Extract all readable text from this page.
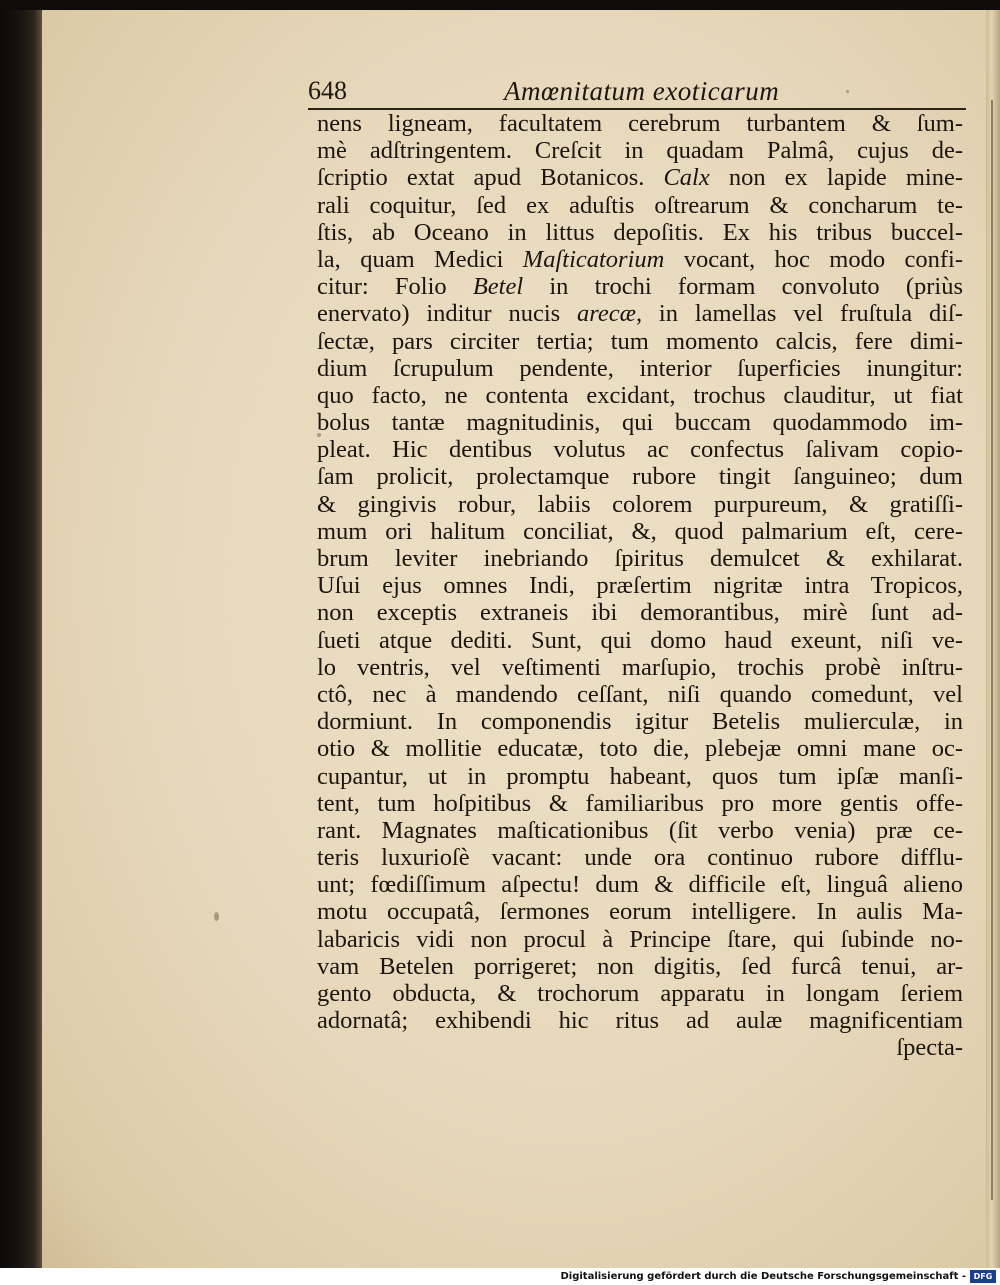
648	Amœnitatum exoticarum
nens ligneam, facultatem cerebrum turbantem & ſum-
mè adſtringentem. Creſcit in quadam Palmâ, cujus de-
ſcriptio extat apud Botanicos. Calx non ex lapide mine-
rali coquitur, ſed ex aduſtis oſtrearum & concharum te-
ſtis, ab Oceano in littus depoſitis. Ex his tribus buccel-
la, quam Medici Maſticatorium vocant, hoc modo confi-
citur: Folio Betel in trochi formam convoluto (priùs
enervato) inditur nucis arecæ, in lamellas vel fruſtula diſ-
ſectæ, pars circiter tertia; tum momento calcis, fere dimi-
dium ſcrupulum pendente, interior ſuperficies inungitur:
quo facto, ne contenta excidant, trochus clauditur, ut fiat
bolus tantæ magnitudinis, qui buccam quodammodo im-
pleat. Hic dentibus volutus ac confectus ſalivam copio-
ſam prolicit, prolectamque rubore tingit ſanguineo; dum
& gingivis robur, labiis colorem purpureum, & gratiſſi-
mum ori halitum conciliat, &, quod palmarium eſt, cere-
brum leviter inebriando ſpiritus demulcet & exhilarat.
Uſui ejus omnes Indi, præſertim nigritæ intra Tropicos,
non exceptis extraneis ibi demorantibus, mirè ſunt ad-
ſueti atque dediti. Sunt, qui domo haud exeunt, niſi ve-
lo ventris, vel veſtimenti marſupio, trochis probè inſtru-
ctô, nec à mandendo ceſſant, niſi quando comedunt, vel
dormiunt. In componendis igitur Betelis mulierculæ, in
otio & mollitie educatæ, toto die, plebejæ omni mane oc-
cupantur, ut in promptu habeant, quos tum ipſæ manſi-
tent, tum hoſpitibus & familiaribus pro more gentis offe-
rant. Magnates maſticationibus (ſit verbo venia) præ ce-
teris luxurioſè vacant: unde ora continuo rubore difflu-
unt; fœdiſſimum aſpectu! dum & difficile eſt, linguâ alieno
motu occupatâ, ſermones eorum intelligere. In aulis Ma-
labaricis vidi non procul à Principe ſtare, qui ſubinde no-
vam Betelen porrigeret; non digitis, ſed furcâ tenui, ar-
gento obducta, & trochorum apparatu in longam ſeriem
adornatâ; exhibendi hic ritus ad aulæ magnificentiam
ſpecta-
Digitalisierung gefördert durch die Deutsche Forschungsgemeinschaft - DFG
